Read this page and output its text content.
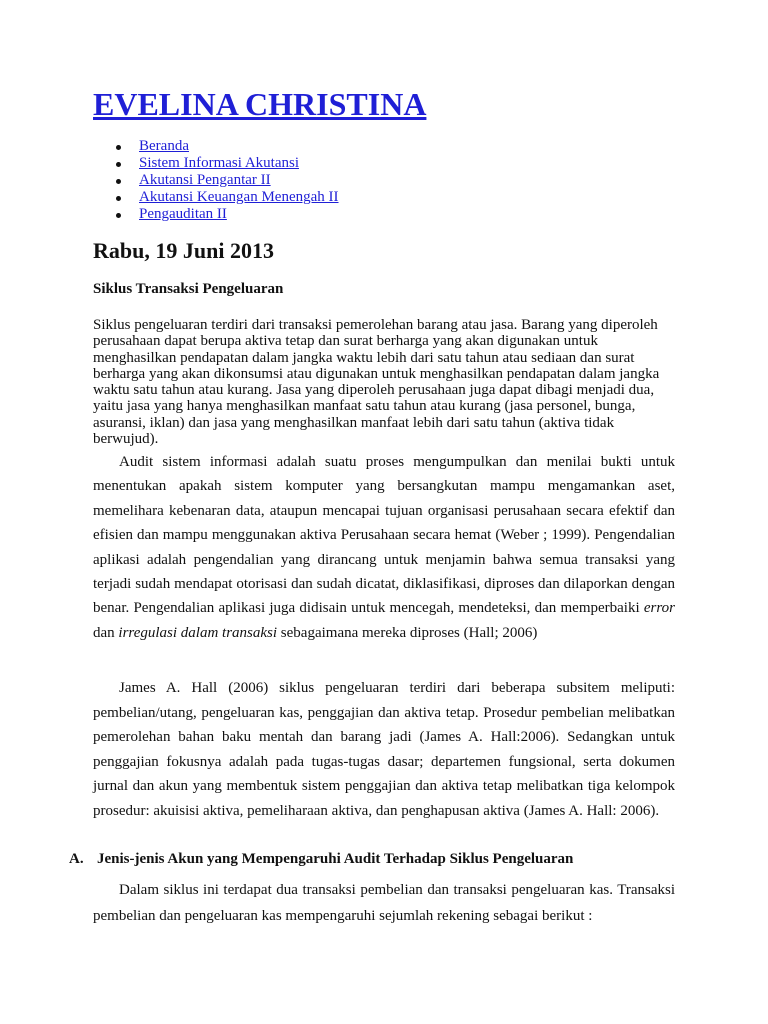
EVELINA CHRISTINA
Beranda
Sistem Informasi Akutansi
Akutansi Pengantar II
Akutansi Keuangan Menengah II
Pengauditan II
Rabu, 19 Juni 2013
Siklus Transaksi Pengeluaran

Siklus pengeluaran terdiri dari transaksi pemerolehan barang atau jasa. Barang yang diperoleh perusahaan dapat berupa aktiva tetap dan surat berharga yang akan digunakan untuk menghasilkan pendapatan dalam jangka waktu lebih dari satu tahun atau sediaan dan surat berharga yang akan dikonsumsi atau digunakan untuk menghasilkan pendapatan dalam jangka waktu satu tahun atau kurang. Jasa yang diperoleh perusahaan juga dapat dibagi menjadi dua, yaitu jasa yang hanya menghasilkan manfaat satu tahun atau kurang (jasa personel, bunga, asuransi, iklan) dan jasa yang menghasilkan manfaat lebih dari satu tahun (aktiva tidak berwujud).

Audit sistem informasi adalah suatu proses mengumpulkan dan menilai bukti untuk menentukan apakah sistem komputer yang bersangkutan mampu mengamankan aset, memelihara kebenaran data, ataupun mencapai tujuan organisasi perusahaan secara efektif dan efisien dan mampu menggunakan aktiva Perusahaan secara hemat (Weber ; 1999). Pengendalian aplikasi adalah pengendalian yang dirancang untuk menjamin bahwa semua transaksi yang terjadi sudah mendapat otorisasi dan sudah dicatat, diklasifikasi, diproses dan dilaporkan dengan benar. Pengendalian aplikasi juga didisain untuk mencegah, mendeteksi, dan memperbaiki error dan irregulasi dalam transaksi sebagaimana mereka diproses (Hall; 2006)

James A. Hall (2006) siklus pengeluaran terdiri dari beberapa subsitem meliputi: pembelian/utang, pengeluaran kas, penggajian dan aktiva tetap. Prosedur pembelian melibatkan pemerolehan bahan baku mentah dan barang jadi (James A. Hall:2006). Sedangkan untuk penggajian fokusnya adalah pada tugas-tugas dasar; departemen fungsional, serta dokumen jurnal dan akun yang membentuk sistem penggajian dan aktiva tetap melibatkan tiga kelompok prosedur: akuisisi aktiva, pemeliharaan aktiva, dan penghapusan aktiva (James A. Hall: 2006).

A. Jenis-jenis Akun yang Mempengaruhi Audit Terhadap Siklus Pengeluaran

Dalam siklus ini terdapat dua transaksi pembelian dan transaksi pengeluaran kas. Transaksi pembelian dan pengeluaran kas mempengaruhi sejumlah rekening sebagai berikut :
